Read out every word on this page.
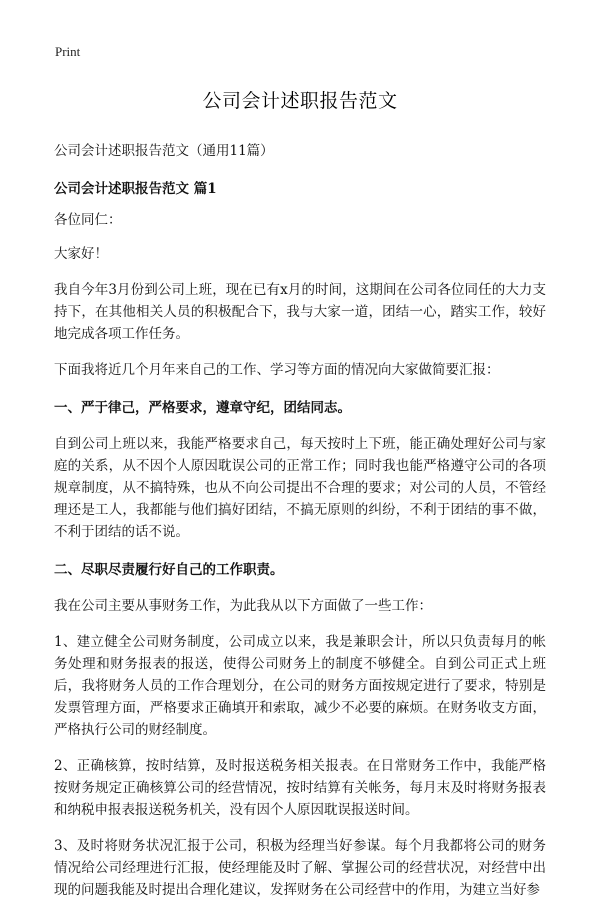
Print
公司会计述职报告范文
公司会计述职报告范文（通用11篇）
公司会计述职报告范文 篇1

各位同仁：

大家好！

我自今年3月份到公司上班，现在已有x月的时间，这期间在公司各位同任的大力支持下，在其他相关人员的积极配合下，我与大家一道，团结一心，踏实工作，较好地完成各项工作任务。

下面我将近几个月年来自己的工作、学习等方面的情况向大家做简要汇报：

一、严于律己，严格要求，遵章守纪，团结同志。

自到公司上班以来，我能严格要求自己，每天按时上下班，能正确处理好公司与家庭的关系，从不因个人原因耽误公司的正常工作；同时我也能严格遵守公司的各项规章制度，从不搞特殊，也从不向公司提出不合理的要求；对公司的人员，不管经理还是工人，我都能与他们搞好团结，不搞无原则的纠纷，不利于团结的事不做，不利于团结的话不说。

二、尽职尽责履行好自己的工作职责。

我在公司主要从事财务工作，为此我从以下方面做了一些工作：

1、建立健全公司财务制度，公司成立以来，我是兼职会计，所以只负责每月的帐务处理和财务报表的报送，使得公司财务上的制度不够健全。自到公司正式上班后，我将财务人员的工作合理划分，在公司的财务方面按规定进行了要求，特别是发票管理方面，严格要求正确填开和索取，减少不必要的麻烦。在财务收支方面，严格执行公司的财经制度。

2、正确核算，按时结算，及时报送税务相关报表。在日常财务工作中，我能严格按财务规定正确核算公司的经营情况，按时结算有关帐务，每月末及时将财务报表和纳税申报表报送税务机关，没有因个人原因耽误报送时间。

3、及时将财务状况汇报于公司，积极为经理当好参谋。每个月我都将公司的财务情况给公司经理进行汇报，使经理能及时了解、掌握公司的经营状况，对经营中出现的问题我能及时提出合理化建议，发挥财务在公司经营中的作用，为建立当好参
